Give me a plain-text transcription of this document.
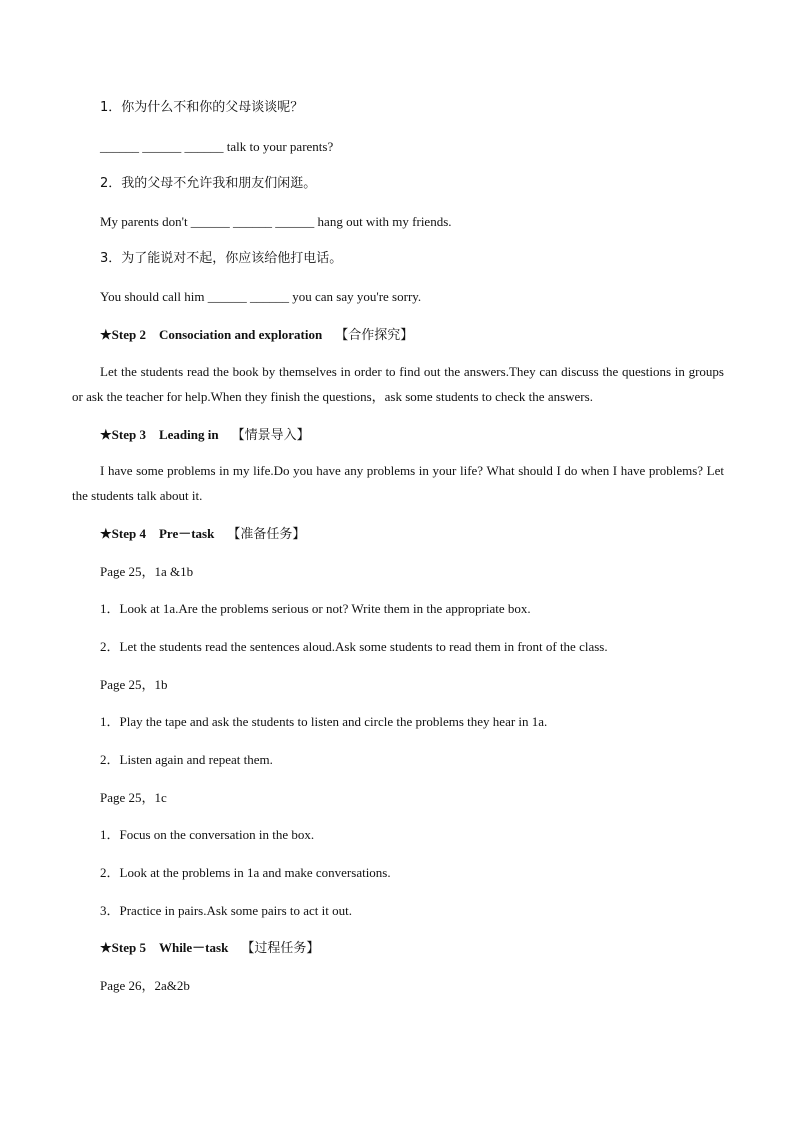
1．你为什么不和你的父母谈谈呢？
______ ______ ______ talk to your parents?
2．我的父母不允许我和朋友们闲逛。
My parents don't ______ ______ ______ hang out with my friends.
3．为了能说对不起，你应该给他打电话。
You should call him ______ ______ you can say you're sorry.
★Step 2    Consociation and exploration    【合作探究】
Let the students read the book by themselves in order to find out the answers.They can discuss the questions in groups or ask the teacher for help.When they finish the questions，ask some students to check the answers.
★Step 3    Leading in    【情景导入】
I have some problems in my life.Do you have any problems in your life? What should I do when I have problems? Let the students talk about it.
★Step 4    Pre－task    【准备任务】
Page 25，1a &1b
1．Look at 1a.Are the problems serious or not? Write them in the appropriate box.
2．Let the students read the sentences aloud.Ask some students to read them in front of the class.
Page 25，1b
1．Play the tape and ask the students to listen and circle the problems they hear in 1a.
2．Listen again and repeat them.
Page 25，1c
1．Focus on the conversation in the box.
2．Look at the problems in 1a and make conversations.
3．Practice in pairs.Ask some pairs to act it out.
★Step 5    While－task    【过程任务】
Page 26，2a&2b
